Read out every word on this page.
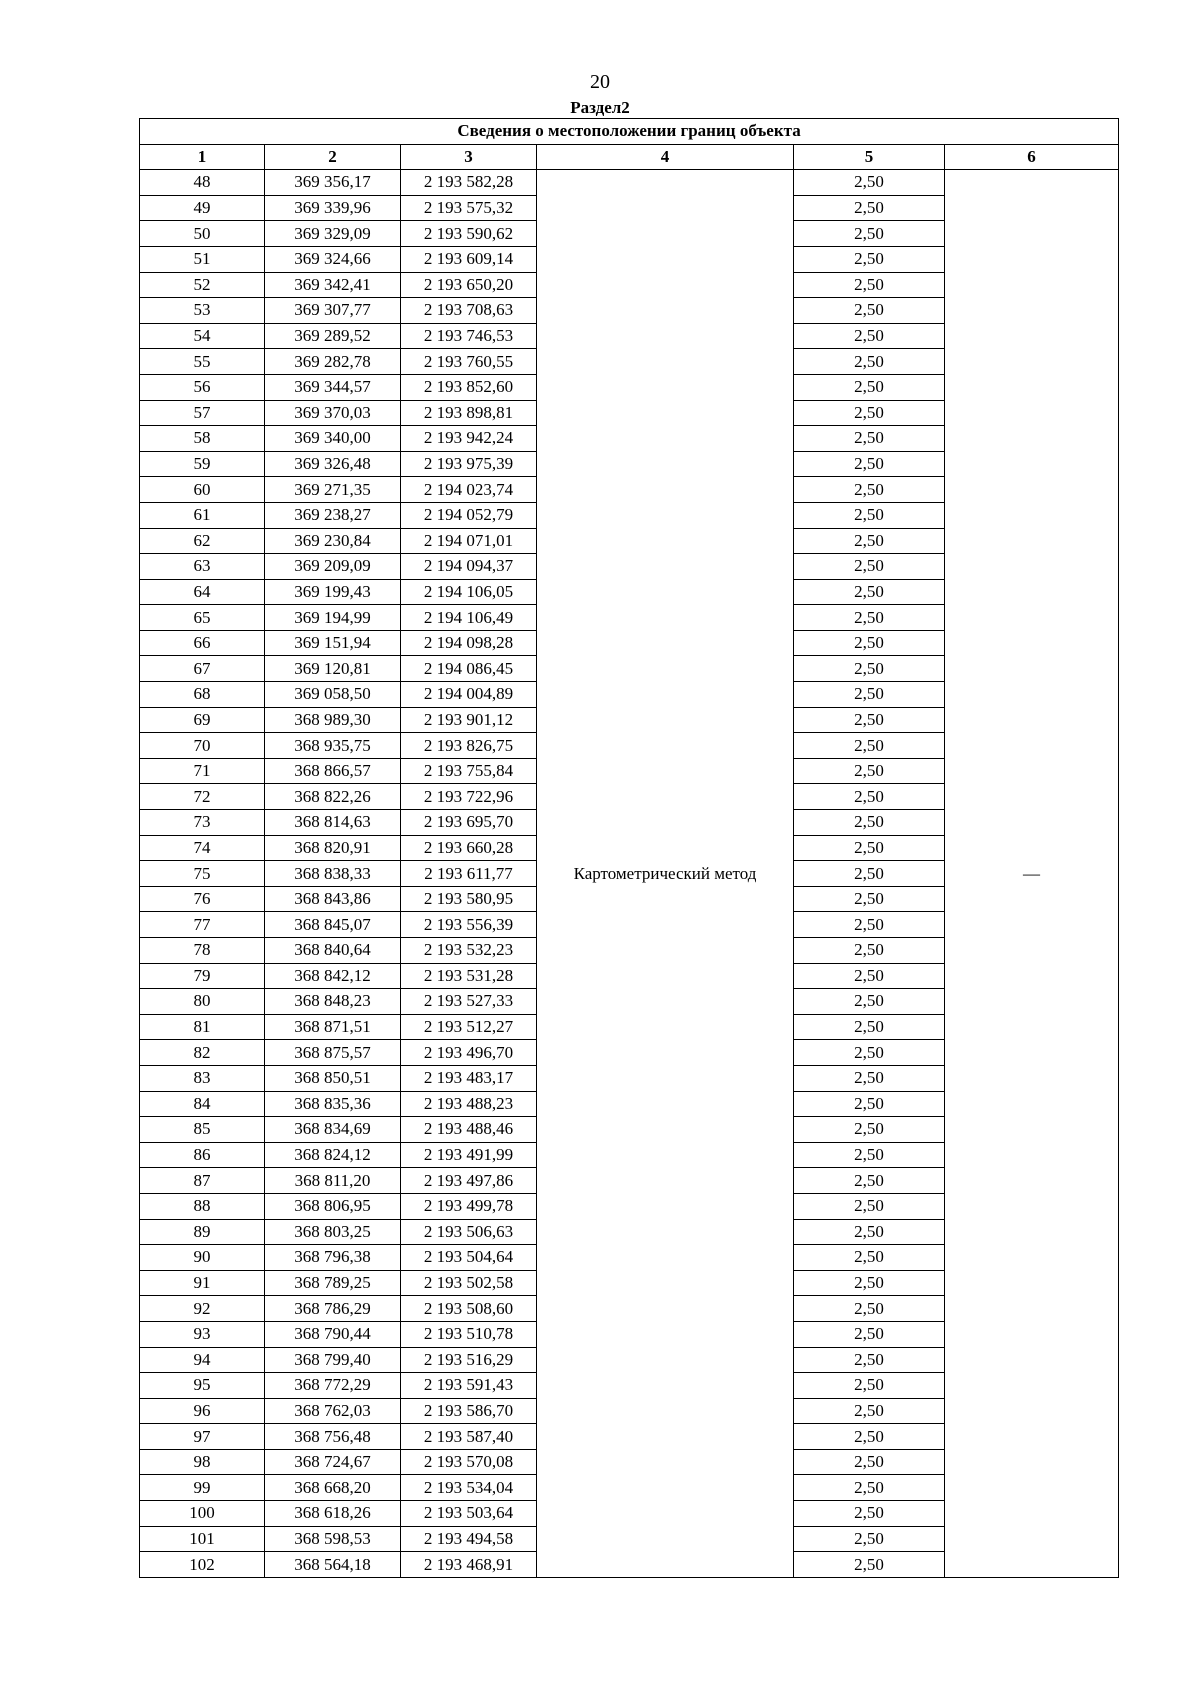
20
Раздел2
Сведения о местоположении границ объекта					
1	2	3	4	5	6
48	369 356,17	2 193 582,28	Картометрический метод	2,50	—
49	369 339,96	2 193 575,32		2,50	
50	369 329,09	2 193 590,62		2,50	
51	369 324,66	2 193 609,14		2,50	
52	369 342,41	2 193 650,20		2,50	
53	369 307,77	2 193 708,63		2,50	
54	369 289,52	2 193 746,53		2,50	
55	369 282,78	2 193 760,55		2,50	
56	369 344,57	2 193 852,60		2,50	
57	369 370,03	2 193 898,81		2,50	
58	369 340,00	2 193 942,24		2,50	
59	369 326,48	2 193 975,39		2,50	
60	369 271,35	2 194 023,74		2,50	
61	369 238,27	2 194 052,79		2,50	
62	369 230,84	2 194 071,01		2,50	
63	369 209,09	2 194 094,37		2,50	
64	369 199,43	2 194 106,05		2,50	
65	369 194,99	2 194 106,49		2,50	
66	369 151,94	2 194 098,28		2,50	
67	369 120,81	2 194 086,45		2,50	
68	369 058,50	2 194 004,89		2,50	
69	368 989,30	2 193 901,12		2,50	
70	368 935,75	2 193 826,75		2,50	
71	368 866,57	2 193 755,84		2,50	
72	368 822,26	2 193 722,96		2,50	
73	368 814,63	2 193 695,70		2,50	
74	368 820,91	2 193 660,28		2,50	
75	368 838,33	2 193 611,77		2,50	
76	368 843,86	2 193 580,95		2,50	
77	368 845,07	2 193 556,39		2,50	
78	368 840,64	2 193 532,23		2,50	
79	368 842,12	2 193 531,28		2,50	
80	368 848,23	2 193 527,33		2,50	
81	368 871,51	2 193 512,27		2,50	
82	368 875,57	2 193 496,70		2,50	
83	368 850,51	2 193 483,17		2,50	
84	368 835,36	2 193 488,23		2,50	
85	368 834,69	2 193 488,46		2,50	
86	368 824,12	2 193 491,99		2,50	
87	368 811,20	2 193 497,86		2,50	
88	368 806,95	2 193 499,78		2,50	
89	368 803,25	2 193 506,63		2,50	
90	368 796,38	2 193 504,64		2,50	
91	368 789,25	2 193 502,58		2,50	
92	368 786,29	2 193 508,60		2,50	
93	368 790,44	2 193 510,78		2,50	
94	368 799,40	2 193 516,29		2,50	
95	368 772,29	2 193 591,43		2,50	
96	368 762,03	2 193 586,70		2,50	
97	368 756,48	2 193 587,40		2,50	
98	368 724,67	2 193 570,08		2,50	
99	368 668,20	2 193 534,04		2,50	
100	368 618,26	2 193 503,64		2,50	
101	368 598,53	2 193 494,58		2,50	
102	368 564,18	2 193 468,91		2,50	
